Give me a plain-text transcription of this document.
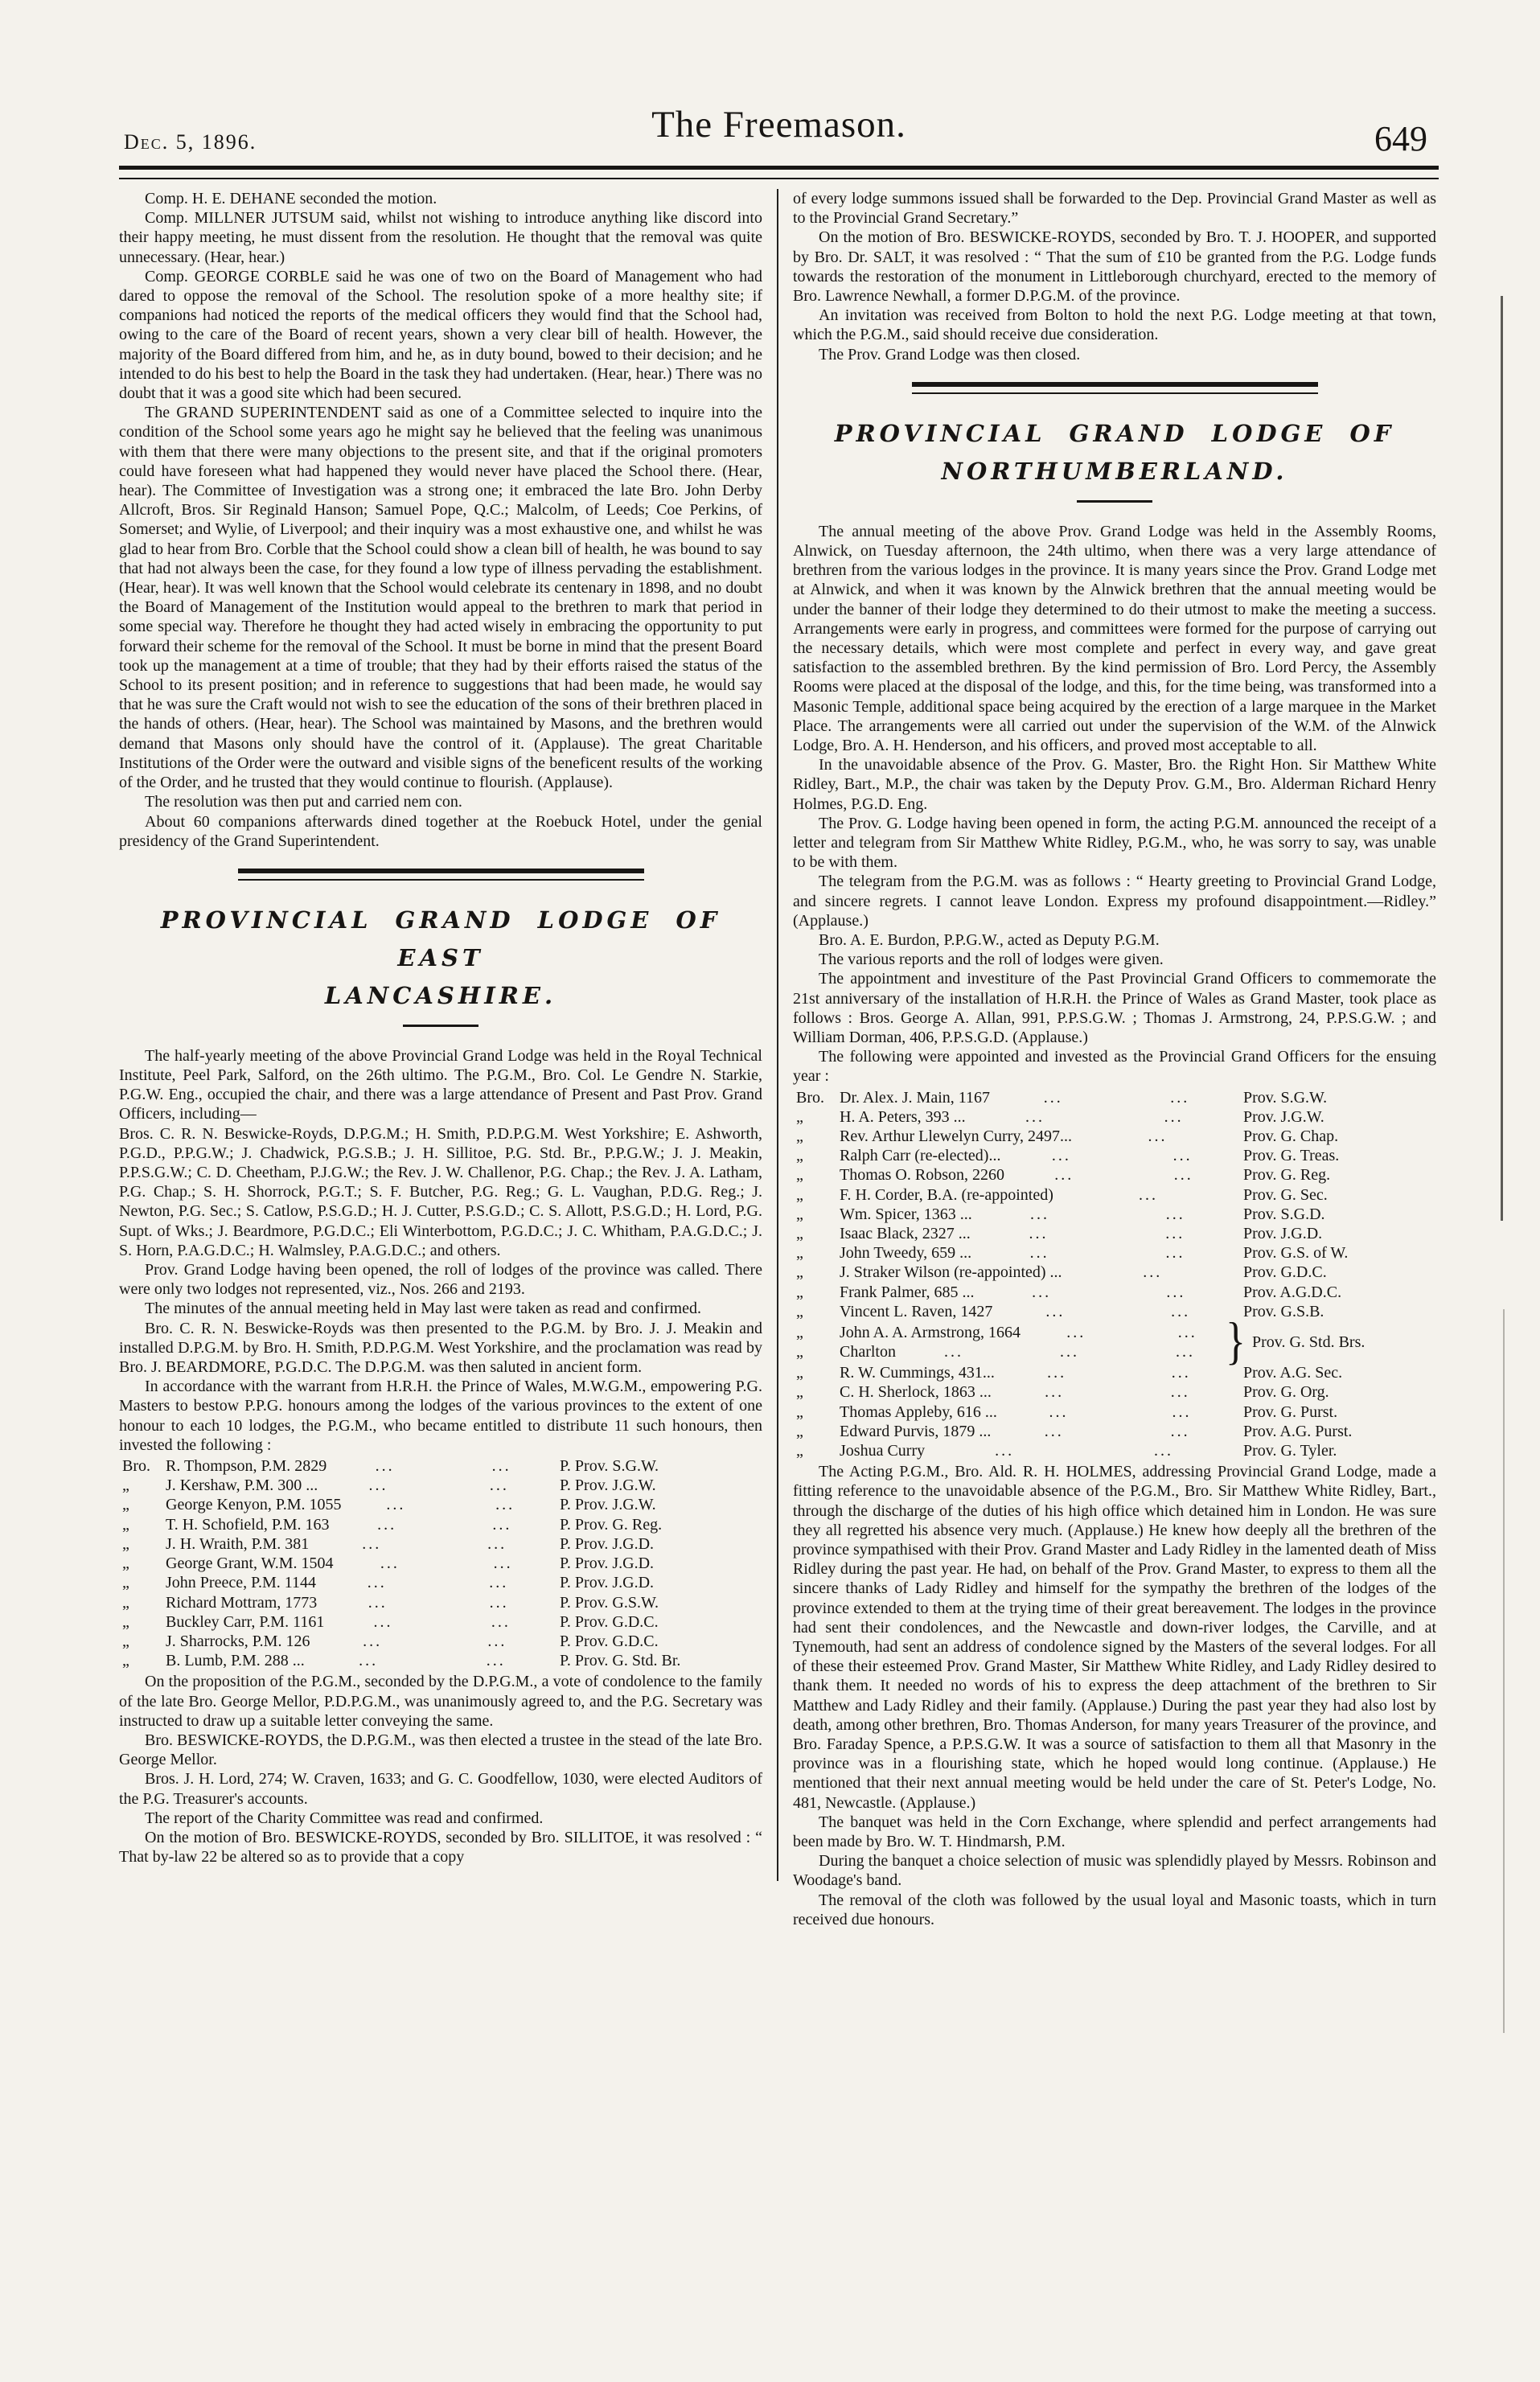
Dec. 5, 1896.	The Freemason.	649

Comp. H. E. DEHANE seconded the motion.

Comp. MILLNER JUTSUM said, whilst not wishing to introduce anything like discord into their happy meeting, he must dissent from the resolution. He thought that the removal was quite unnecessary. (Hear, hear.)

Comp. GEORGE CORBLE said he was one of two on the Board of Management who had dared to oppose the removal of the School. The resolution spoke of a more healthy site; if companions had noticed the reports of the medical officers they would find that the School had, owing to the care of the Board of recent years, shown a very clear bill of health. However, the majority of the Board differed from him, and he, as in duty bound, bowed to their decision; and he intended to do his best to help the Board in the task they had undertaken. (Hear, hear.) There was no doubt that it was a good site which had been secured.

The GRAND SUPERINTENDENT said as one of a Committee selected to inquire into the condition of the School some years ago he might say he believed that the feeling was unanimous with them that there were many objections to the present site, and that if the original promoters could have foreseen what had happened they would never have placed the School there. (Hear, hear). The Committee of Investigation was a strong one; it embraced the late Bro. John Derby Allcroft, Bros. Sir Reginald Hanson; Samuel Pope, Q.C.; Malcolm, of Leeds; Coe Perkins, of Somerset; and Wylie, of Liverpool; and their inquiry was a most exhaustive one, and whilst he was glad to hear from Bro. Corble that the School could show a clean bill of health, he was bound to say that had not always been the case, for they found a low type of illness pervading the establishment. (Hear, hear). It was well known that the School would celebrate its centenary in 1898, and no doubt the Board of Management of the Institution would appeal to the brethren to mark that period in some special way. Therefore he thought they had acted wisely in embracing the opportunity to put forward their scheme for the removal of the School. It must be borne in mind that the present Board took up the management at a time of trouble; that they had by their efforts raised the status of the School to its present position; and in reference to suggestions that had been made, he would say that he was sure the Craft would not wish to see the education of the sons of their brethren placed in the hands of others. (Hear, hear). The School was maintained by Masons, and the brethren would demand that Masons only should have the control of it. (Applause). The great Charitable Institutions of the Order were the outward and visible signs of the beneficent results of the working of the Order, and he trusted that they would continue to flourish. (Applause).

The resolution was then put and carried nem con.

About 60 companions afterwards dined together at the Roebuck Hotel, under the genial presidency of the Grand Superintendent.

PROVINCIAL GRAND LODGE OF EAST
LANCASHIRE.

The half-yearly meeting of the above Provincial Grand Lodge was held in the Royal Technical Institute, Peel Park, Salford, on the 26th ultimo. The P.G.M., Bro. Col. Le Gendre N. Starkie, P.G.W. Eng., occupied the chair, and there was a large attendance of Present and Past Prov. Grand Officers, including—

Bros. C. R. N. Beswicke-Royds, D.P.G.M.; H. Smith, P.D.P.G.M. West Yorkshire; E. Ashworth, P.G.D., P.P.G.W.; J. Chadwick, P.G.S.B.; J. H. Sillitoe, P.G. Std. Br., P.P.G.W.; J. J. Meakin, P.P.S.G.W.; C. D. Cheetham, P.J.G.W.; the Rev. J. W. Challenor, P.G. Chap.; the Rev. J. A. Latham, P.G. Chap.; S. H. Shorrock, P.G.T.; S. F. Butcher, P.G. Reg.; G. L. Vaughan, P.D.G. Reg.; J. Newton, P.G. Sec.; S. Catlow, P.S.G.D.; H. J. Cutter, P.S.G.D.; C. S. Allott, P.S.G.D.; H. Lord, P.G. Supt. of Wks.; J. Beardmore, P.G.D.C.; Eli Winterbottom, P.G.D.C.; J. C. Whitham, P.A.G.D.C.; J. S. Horn, P.A.G.D.C.; H. Walmsley, P.A.G.D.C.; and others.

Prov. Grand Lodge having been opened, the roll of lodges of the province was called. There were only two lodges not represented, viz., Nos. 266 and 2193.

The minutes of the annual meeting held in May last were taken as read and confirmed.

Bro. C. R. N. Beswicke-Royds was then presented to the P.G.M. by Bro. J. J. Meakin and installed D.P.G.M. by Bro. H. Smith, P.D.P.G.M. West Yorkshire, and the proclamation was read by Bro. J. BEARDMORE, P.G.D.C. The D.P.G.M. was then saluted in ancient form.

In accordance with the warrant from H.R.H. the Prince of Wales, M.W.G.M., empowering P.G. Masters to bestow P.P.G. honours among the lodges of the various provinces to the extent of one honour to each 10 lodges, the P.G.M., who became entitled to distribute 11 such honours, then invested the following :

Bro. R. Thompson, P.M. 2829	...	...	P. Prov. S.G.W.
„	J. Kershaw, P.M. 300 ...	...	...	P. Prov. J.G.W.
„	George Kenyon, P.M. 1055	...	...	P. Prov. J.G.W.
„	T. H. Schofield, P.M. 163	...	...	P. Prov. G. Reg.
„	J. H. Wraith, P.M. 381	...	...	P. Prov. J.G.D.
„	George Grant, W.M. 1504	...	...	P. Prov. J.G.D.
„	John Preece, P.M. 1144	...	...	P. Prov. J.G.D.
„	Richard Mottram, 1773	...	...	P. Prov. G.S.W.
„	Buckley Carr, P.M. 1161	...	...	P. Prov. G.D.C.
„	J. Sharrocks, P.M. 126	...	...	P. Prov. G.D.C.
„	B. Lumb, P.M. 288 ...	...	...	P. Prov. G. Std. Br.

On the proposition of the P.G.M., seconded by the D.P.G.M., a vote of condolence to the family of the late Bro. George Mellor, P.D.P.G.M., was unanimously agreed to, and the P.G. Secretary was instructed to draw up a suitable letter conveying the same.

Bro. BESWICKE-ROYDS, the D.P.G.M., was then elected a trustee in the stead of the late Bro. George Mellor.

Bros. J. H. Lord, 274; W. Craven, 1633; and G. C. Goodfellow, 1030, were elected Auditors of the P.G. Treasurer's accounts.

The report of the Charity Committee was read and confirmed.

On the motion of Bro. BESWICKE-ROYDS, seconded by Bro. SILLITOE, it was resolved : “ That by-law 22 be altered so as to provide that a copy

of every lodge summons issued shall be forwarded to the Dep. Provincial Grand Master as well as to the Provincial Grand Secretary.”

On the motion of Bro. BESWICKE-ROYDS, seconded by Bro. T. J. HOOPER, and supported by Bro. Dr. SALT, it was resolved : “ That the sum of £10 be granted from the P.G. Lodge funds towards the restoration of the monument in Littleborough churchyard, erected to the memory of Bro. Lawrence Newhall, a former D.P.G.M. of the province.

An invitation was received from Bolton to hold the next P.G. Lodge meeting at that town, which the P.G.M., said should receive due consideration.

The Prov. Grand Lodge was then closed.

PROVINCIAL GRAND LODGE OF
NORTHUMBERLAND.

The annual meeting of the above Prov. Grand Lodge was held in the Assembly Rooms, Alnwick, on Tuesday afternoon, the 24th ultimo, when there was a very large attendance of brethren from the various lodges in the province. It is many years since the Prov. Grand Lodge met at Alnwick, and when it was known by the Alnwick brethren that the annual meeting would be under the banner of their lodge they determined to do their utmost to make the meeting a success. Arrangements were early in progress, and committees were formed for the purpose of carrying out the necessary details, which were most complete and perfect in every way, and gave great satisfaction to the assembled brethren. By the kind permission of Bro. Lord Percy, the Assembly Rooms were placed at the disposal of the lodge, and this, for the time being, was transformed into a Masonic Temple, additional space being acquired by the erection of a large marquee in the Market Place. The arrangements were all carried out under the supervision of the W.M. of the Alnwick Lodge, Bro. A. H. Henderson, and his officers, and proved most acceptable to all.

In the unavoidable absence of the Prov. G. Master, Bro. the Right Hon. Sir Matthew White Ridley, Bart., M.P., the chair was taken by the Deputy Prov. G.M., Bro. Alderman Richard Henry Holmes, P.G.D. Eng.

The Prov. G. Lodge having been opened in form, the acting P.G.M. announced the receipt of a letter and telegram from Sir Matthew White Ridley, P.G.M., who, he was sorry to say, was unable to be with them.

The telegram from the P.G.M. was as follows : “ Hearty greeting to Provincial Grand Lodge, and sincere regrets. I cannot leave London. Express my profound disappointment.—Ridley.” (Applause.)

Bro. A. E. Burdon, P.P.G.W., acted as Deputy P.G.M.

The various reports and the roll of lodges were given.

The appointment and investiture of the Past Provincial Grand Officers to commemorate the 21st anniversary of the installation of H.R.H. the Prince of Wales as Grand Master, took place as follows : Bros. George A. Allan, 991, P.P.S.G.W. ; Thomas J. Armstrong, 24, P.P.S.G.W. ; and William Dorman, 406, P.P.S.G.D. (Applause.)

The following were appointed and invested as the Provincial Grand Officers for the ensuing year :

Bro. Dr. Alex. J. Main, 1167	...	...	Prov. S.G.W.
„	H. A. Peters, 393 ...	...	...	Prov. J.G.W.
„	Rev. Arthur Llewelyn Curry, 2497...	...	Prov. G. Chap.
„	Ralph Carr (re-elected)...	...	...	Prov. G. Treas.
„	Thomas O. Robson, 2260	...	...	Prov. G. Reg.
„	F. H. Corder, B.A. (re-appointed)	...	Prov. G. Sec.
„	Wm. Spicer, 1363 ...	...	...	Prov. S.G.D.
„	Isaac Black, 2327 ...	...	...	Prov. J.G.D.
„	John Tweedy, 659 ...	...	...	Prov. G.S. of W.
„	J. Straker Wilson (re-appointed) ...	...	Prov. G.D.C.
„	Frank Palmer, 685 ...	...	...	Prov. A.G.D.C.
„	Vincent L. Raven, 1427	...	...	Prov. G.S.B.
„	John A. A. Armstrong, 1664	...	...
„	Charlton	...	...	... } Prov. G. Std. Brs.
„	R. W. Cummings, 431...	...	...	Prov. A.G. Sec.
„	C. H. Sherlock, 1863 ...	...	...	Prov. G. Org.
„	Thomas Appleby, 616 ...	...	...	Prov. G. Purst.
„	Edward Purvis, 1879 ...	...	...	Prov. A.G. Purst.
„	Joshua Curry	...	...	Prov. G. Tyler.

The Acting P.G.M., Bro. Ald. R. H. HOLMES, addressing Provincial Grand Lodge, made a fitting reference to the unavoidable absence of the P.G.M., Bro. Sir Matthew White Ridley, Bart., through the discharge of the duties of his high office which detained him in London. He was sure they all regretted his absence very much. (Applause.) He knew how deeply all the brethren of the province sympathised with their Prov. Grand Master and Lady Ridley in the lamented death of Miss Ridley during the past year. He had, on behalf of the Prov. Grand Master, to express to them all the sincere thanks of Lady Ridley and himself for the sympathy the brethren of the lodges of the province extended to them at the trying time of their great bereavement. The lodges in the province had sent their condolences, and the Newcastle and down-river lodges, the Carville, and at Tynemouth, had sent an address of condolence signed by the Masters of the several lodges. For all of these their esteemed Prov. Grand Master, Sir Matthew White Ridley, and Lady Ridley desired to thank them. It needed no words of his to express the deep attachment of the brethren to Sir Matthew and Lady Ridley and their family. (Applause.) During the past year they had also lost by death, among other brethren, Bro. Thomas Anderson, for many years Treasurer of the province, and Bro. Faraday Spence, a P.P.S.G.W. It was a source of satisfaction to them all that Masonry in the province was in a flourishing state, which he hoped would long continue. (Applause.) He mentioned that their next annual meeting would be held under the care of St. Peter's Lodge, No. 481, Newcastle. (Applause.)

The banquet was held in the Corn Exchange, where splendid and perfect arrangements had been made by Bro. W. T. Hindmarsh, P.M.

During the banquet a choice selection of music was splendidly played by Messrs. Robinson and Woodage's band.

The removal of the cloth was followed by the usual loyal and Masonic toasts, which in turn received due honours.
